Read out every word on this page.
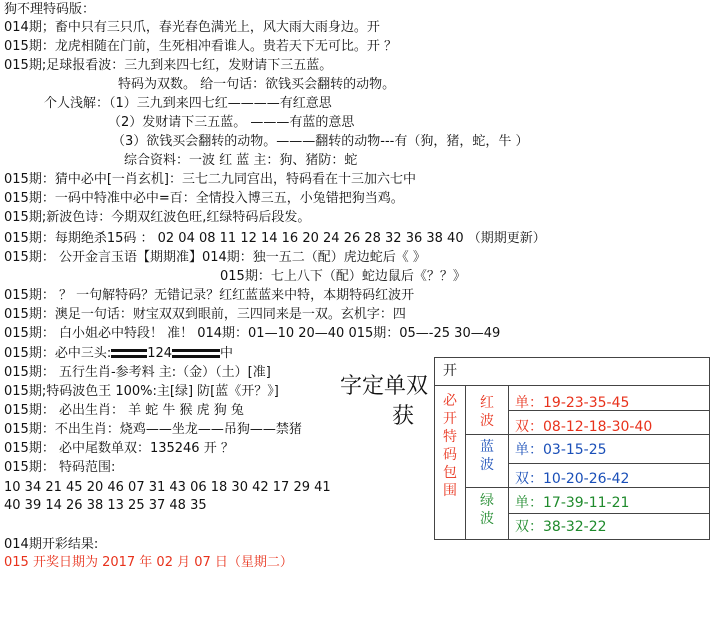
狗不理特码版：
014期；畜中只有三只爪，春光春色满光上，风大雨大雨身边。开
015期：龙虎相随在门前，生死相冲看谁人。贵若天下无可比。开 ？
015期;足球报看波：三九到来四七红，发财请下三五蓝。
特码为双数。 给一句话：欲钱买会翻转的动物。
个人浅解：（1）三九到来四七红————有红意思
（2）发财请下三五蓝。 ———有蓝的意思
（3）欲钱买会翻转的动物。———翻转的动物---有（狗，猪，蛇，牛 ）
综合资料：一波 红 蓝 主：狗、猪防：蛇
015期：猜中必中[一肖玄机]：三七二九同宫出，特码看在十三加六七中
015期：一码中特准中必中=百：全情投入博三五，小兔错把狗当鸡。
015期;新波色诗：今期双红波色旺,红绿特码后段发。
015期：每期绝杀15码 ： 02 04 08 11 12 14 16 20 24 26 28 32 36 38 40 （期期更新）
015期： 公开金言玉语【期期准】014期：独一五二（配）虎边蛇后《 》
015期：七上八下（配）蛇边鼠后《？？》
015期： ？ 一句解特码？无错记录？红红蓝蓝来中特，本期特码红波开
015期：澳足一句话：财宝双双到眼前，三四同来是一双。玄机字：四
015期： 白小姐必中特段！ 准！ 014期：01—10 20—40 015期：05—-25 30—49
015期：必中三头:	124	中
015期： 五行生肖-参考料 主:（金）（土）[准]
015期;特码波色王 100%:主[绿] 防[蓝《开？》]
015期： 必出生肖： 羊 蛇 牛 猴 虎 狗 兔
015期：不出生肖：烧鸡——坐龙——吊狗——禁猪
015期： 必中尾数单双：135246 开 ？
015期： 特码范围:
10 34 21 45 20 46 07 31 43 06 18 30 42 17 29 41
40 39 14 26 38 13 25 37 48 35
014期开彩结果:
015 开奖日期为 2017 年 02 月 07 日（星期二）
字定单双
获
开
必开特码包围
红波
蓝波
绿波
单：19-23-35-45
双：08-12-18-30-40
单：03-15-25
双：10-20-26-42
单：17-39-11-21
双：38-32-22
